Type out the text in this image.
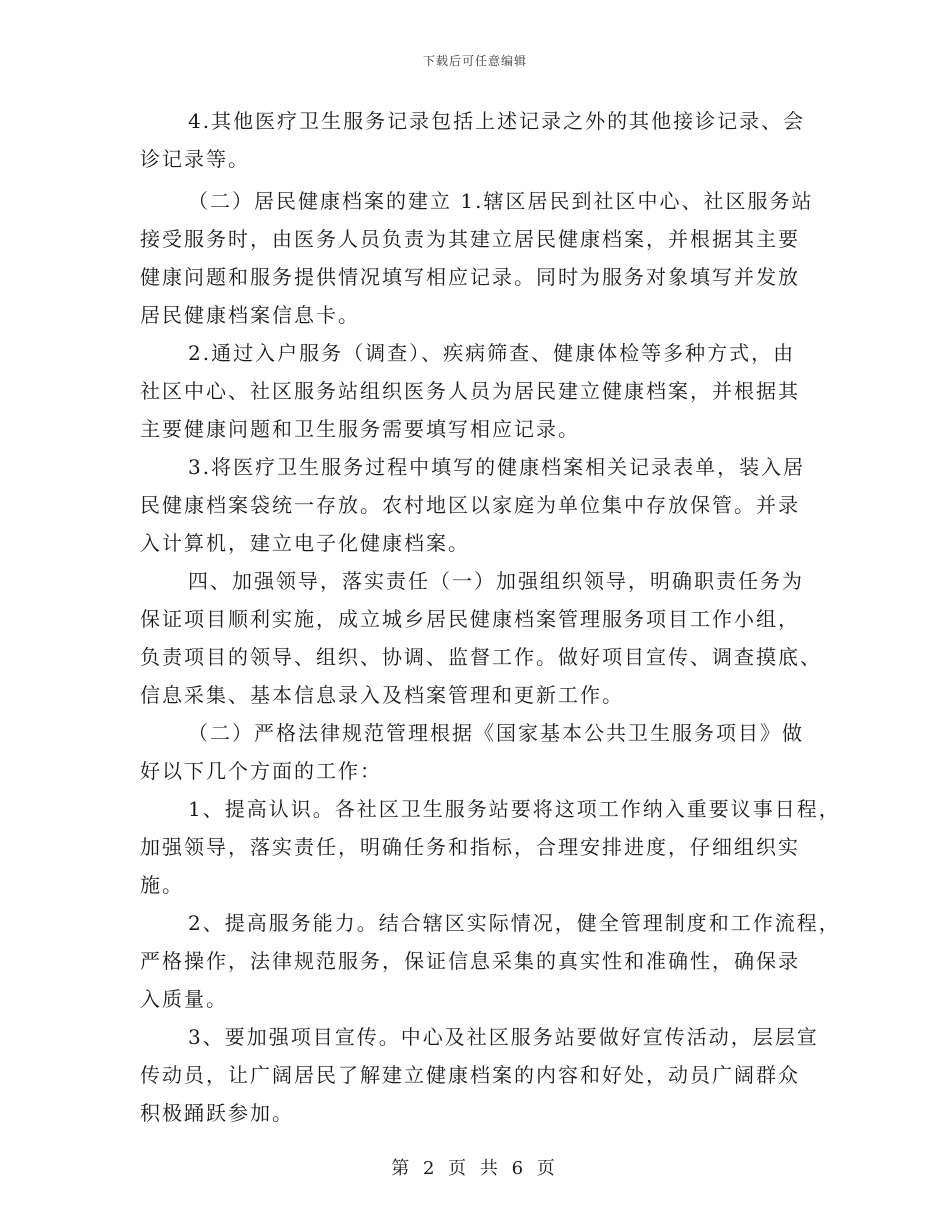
下载后可任意编辑
4.其他医疗卫生服务记录包括上述记录之外的其他接诊记录、会
诊记录等。
（二）居民健康档案的建立 1.辖区居民到社区中心、社区服务站
接受服务时，由医务人员负责为其建立居民健康档案，并根据其主要
健康问题和服务提供情况填写相应记录。同时为服务对象填写并发放
居民健康档案信息卡。
2.通过入户服务（调查）、疾病筛查、健康体检等多种方式，由
社区中心、社区服务站组织医务人员为居民建立健康档案，并根据其
主要健康问题和卫生服务需要填写相应记录。
3.将医疗卫生服务过程中填写的健康档案相关记录表单，装入居
民健康档案袋统一存放。农村地区以家庭为单位集中存放保管。并录
入计算机，建立电子化健康档案。
四、加强领导，落实责任（一）加强组织领导，明确职责任务为
保证项目顺利实施，成立城乡居民健康档案管理服务项目工作小组，
负责项目的领导、组织、协调、监督工作。做好项目宣传、调查摸底、
信息采集、基本信息录入及档案管理和更新工作。
（二）严格法律规范管理根据《国家基本公共卫生服务项目》做
好以下几个方面的工作：
1、提高认识。各社区卫生服务站要将这项工作纳入重要议事日程，
加强领导，落实责任，明确任务和指标，合理安排进度，仔细组织实
施。
2、提高服务能力。结合辖区实际情况，健全管理制度和工作流程，
严格操作，法律规范服务，保证信息采集的真实性和准确性，确保录
入质量。
3、要加强项目宣传。中心及社区服务站要做好宣传活动，层层宣
传动员，让广阔居民了解建立健康档案的内容和好处，动员广阔群众
积极踊跃参加。
第 2 页 共 6 页
